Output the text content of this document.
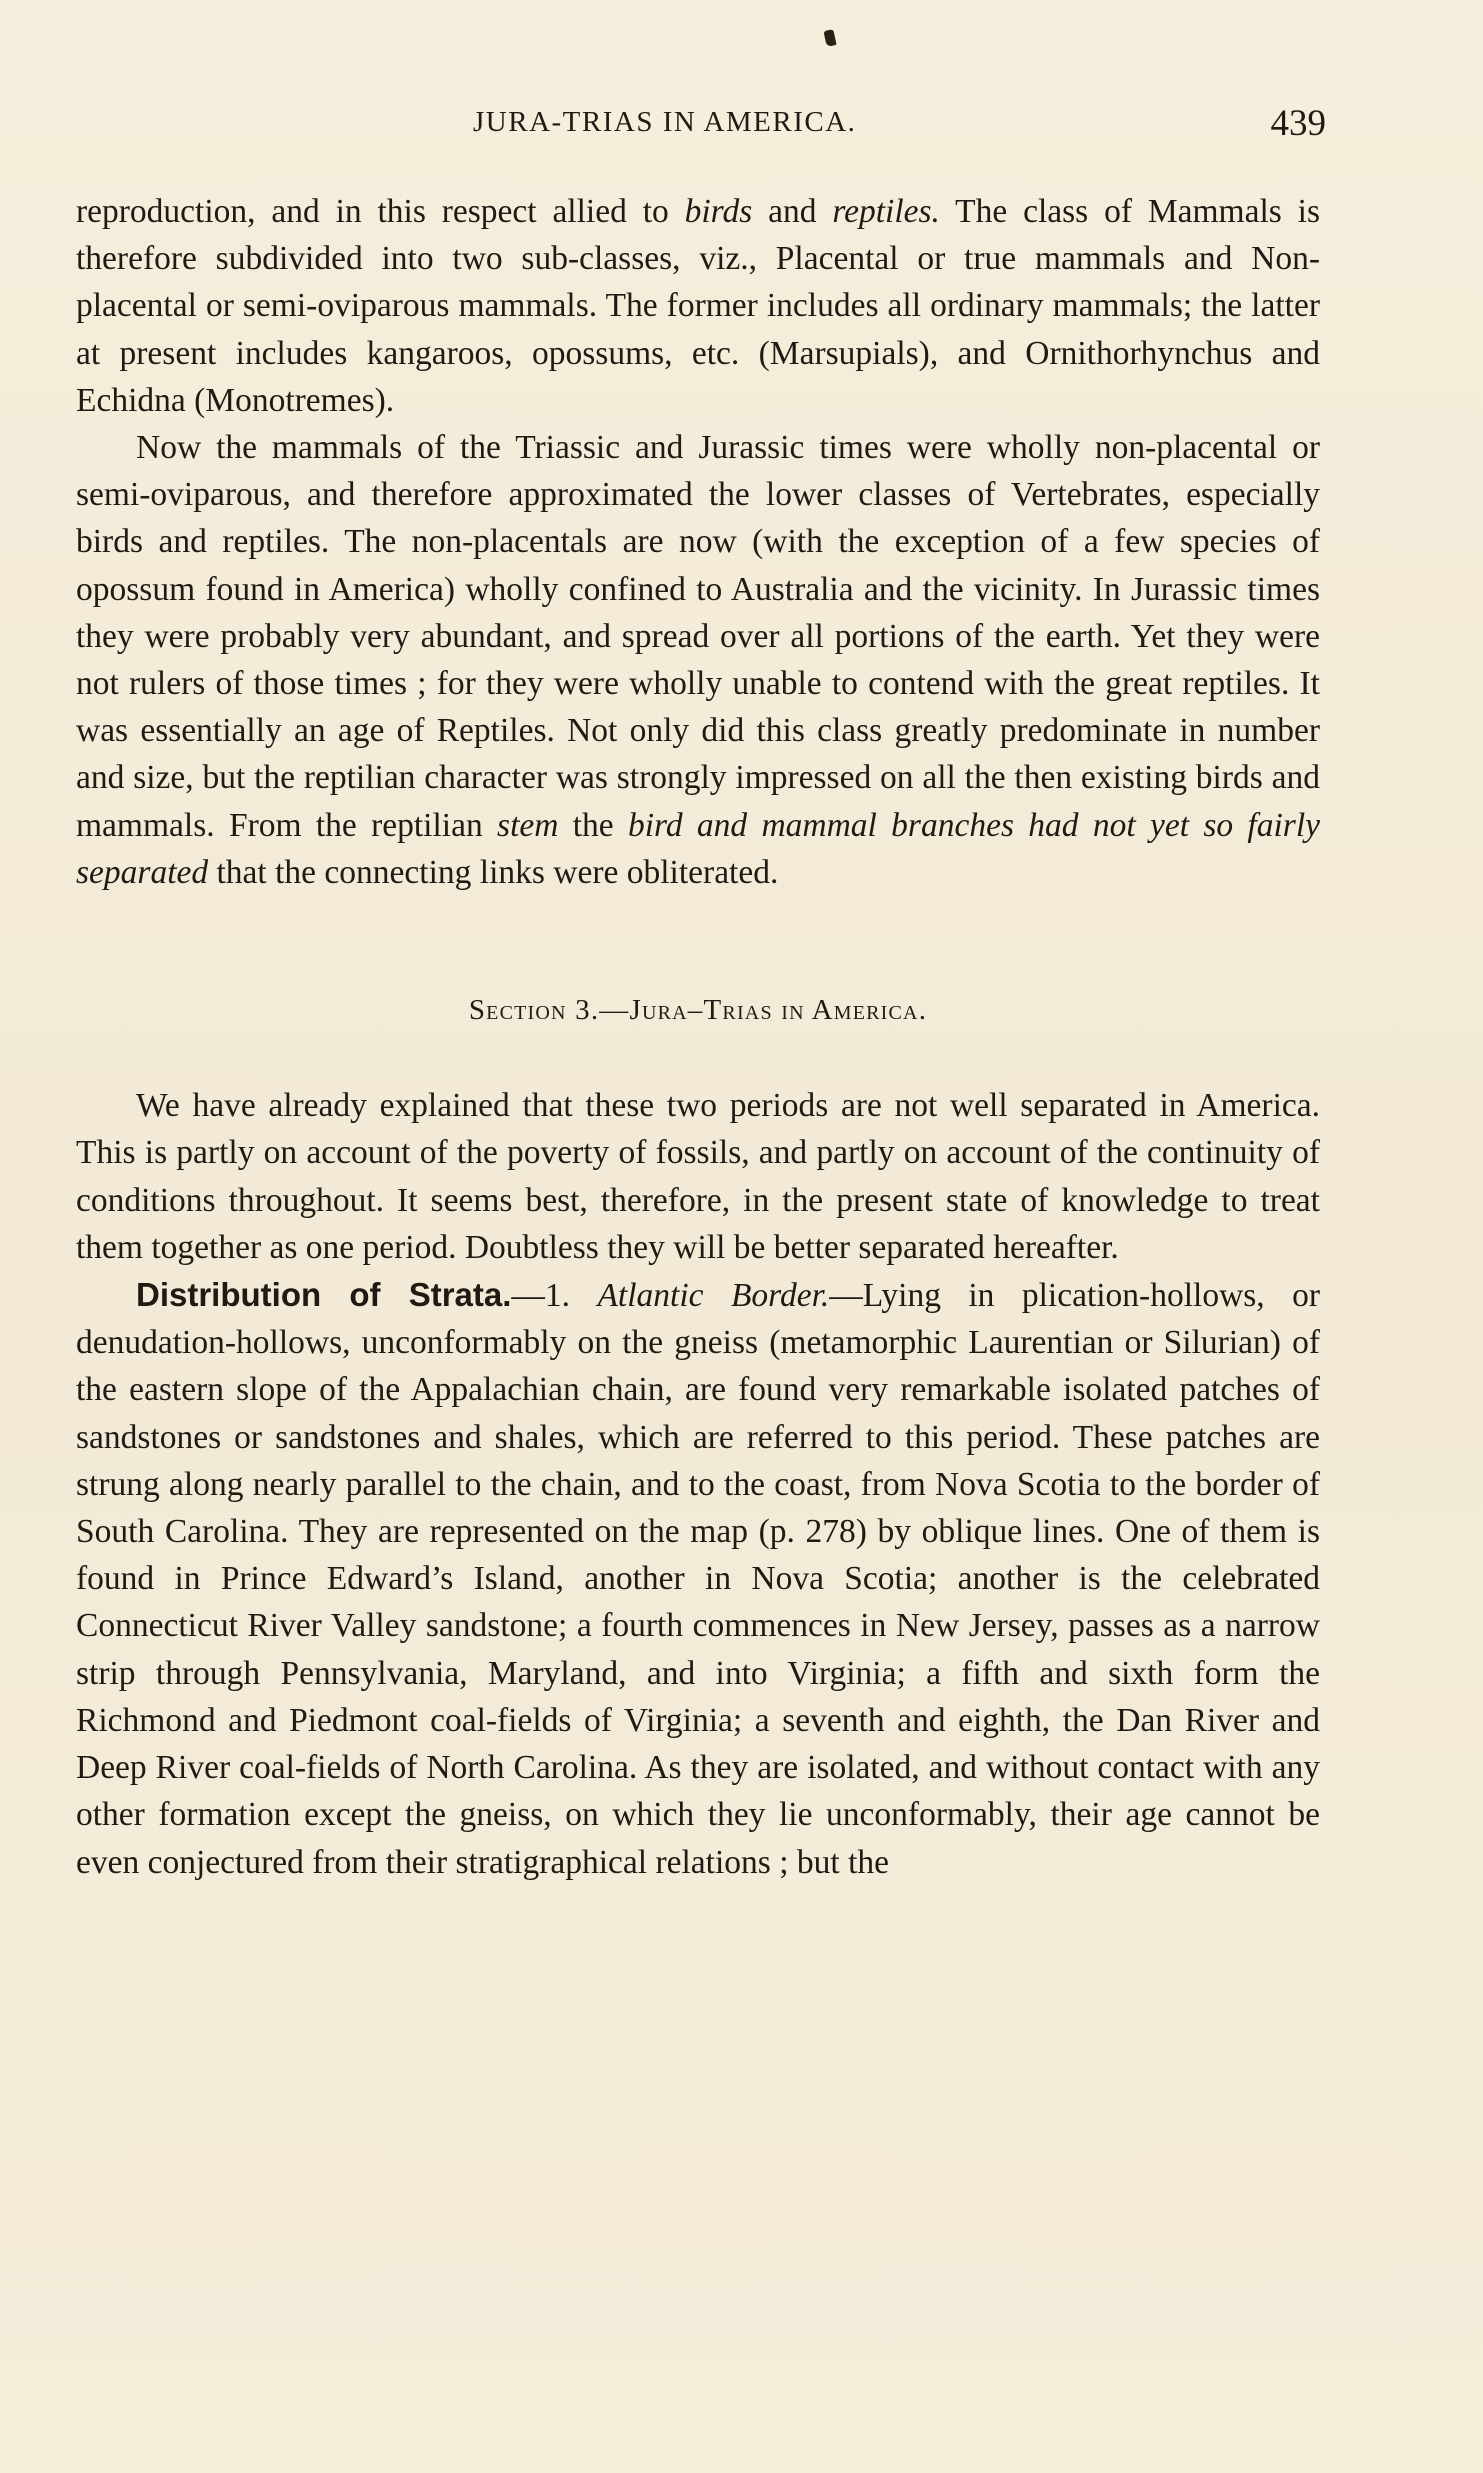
JURA-TRIAS IN AMERICA.	439

reproduction, and in this respect allied to birds and reptiles. The class of Mammals is therefore subdivided into two sub-classes, viz., Placental or true mammals and Non-placental or semi-oviparous mammals. The former includes all ordinary mammals; the latter at present includes kangaroos, opossums, etc. (Marsupials), and Ornithorhynchus and Echidna (Monotremes).

Now the mammals of the Triassic and Jurassic times were wholly non-placental or semi-oviparous, and therefore approximated the lower classes of Vertebrates, especially birds and reptiles. The non-placentals are now (with the exception of a few species of opossum found in America) wholly confined to Australia and the vicinity. In Jurassic times they were probably very abundant, and spread over all portions of the earth. Yet they were not rulers of those times ; for they were wholly unable to contend with the great reptiles. It was essentially an age of Reptiles. Not only did this class greatly predominate in number and size, but the reptilian character was strongly impressed on all the then existing birds and mammals. From the reptilian stem the bird and mammal branches had not yet so fairly separated that the connecting links were obliterated.

Section 3.—Jura–Trias in America.

We have already explained that these two periods are not well separated in America. This is partly on account of the poverty of fossils, and partly on account of the continuity of conditions throughout. It seems best, therefore, in the present state of knowledge to treat them together as one period. Doubtless they will be better separated hereafter.

Distribution of Strata.—1. Atlantic Border.—Lying in plication-hollows, or denudation-hollows, unconformably on the gneiss (metamorphic Laurentian or Silurian) of the eastern slope of the Appalachian chain, are found very remarkable isolated patches of sandstones or sandstones and shales, which are referred to this period. These patches are strung along nearly parallel to the chain, and to the coast, from Nova Scotia to the border of South Carolina. They are represented on the map (p. 278) by oblique lines. One of them is found in Prince Edward’s Island, another in Nova Scotia; another is the celebrated Connecticut River Valley sandstone; a fourth commences in New Jersey, passes as a narrow strip through Pennsylvania, Maryland, and into Virginia; a fifth and sixth form the Richmond and Piedmont coal-fields of Virginia; a seventh and eighth, the Dan River and Deep River coal-fields of North Carolina. As they are isolated, and without contact with any other formation except the gneiss, on which they lie unconformably, their age cannot be even conjectured from their stratigraphical relations ; but the
